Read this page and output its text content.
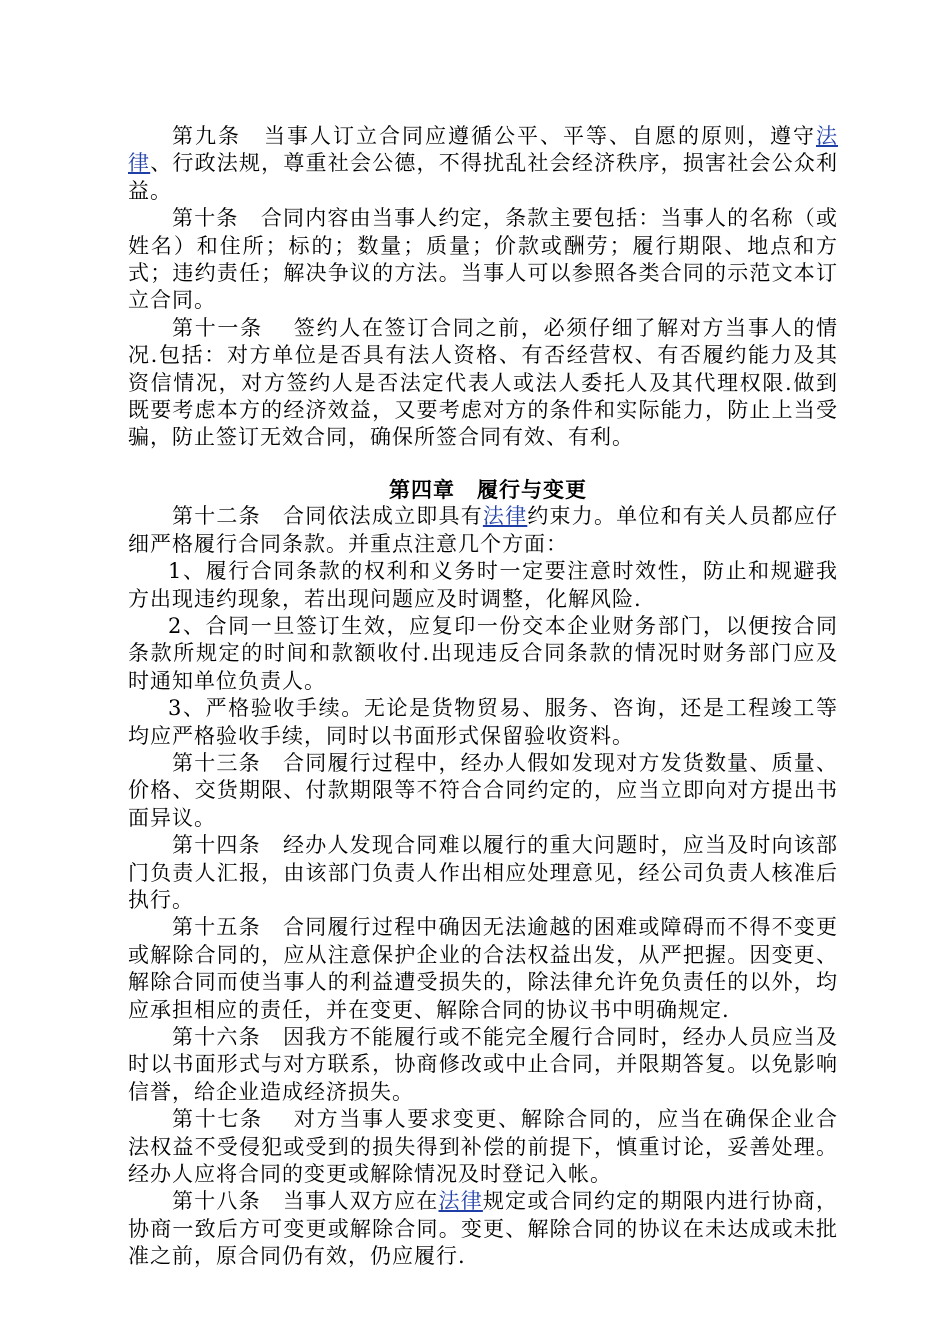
第九条　当事人订立合同应遵循公平、平等、自愿的原则，遵守法律、行政法规，尊重社会公德，不得扰乱社会经济秩序，损害社会公众利益。

第十条　合同内容由当事人约定，条款主要包括：当事人的名称（或姓名）和住所；标的；数量；质量；价款或酬劳；履行期限、地点和方式；违约责任；解决争议的方法。当事人可以参照各类合同的示范文本订立合同。

第十一条　 签约人在签订合同之前，必须仔细了解对方当事人的情况.包括：对方单位是否具有法人资格、有否经营权、有否履约能力及其资信情况，对方签约人是否法定代表人或法人委托人及其代理权限.做到既要考虑本方的经济效益，又要考虑对方的条件和实际能力，防止上当受骗，防止签订无效合同，确保所签合同有效、有利。

第四章　履行与变更

第十二条　合同依法成立即具有法律约束力。单位和有关人员都应仔细严格履行合同条款。并重点注意几个方面：

1、履行合同条款的权利和义务时一定要注意时效性，防止和规避我方出现违约现象，若出现问题应及时调整，化解风险.

2、合同一旦签订生效，应复印一份交本企业财务部门，以便按合同条款所规定的时间和款额收付.出现违反合同条款的情况时财务部门应及时通知单位负责人。

3、严格验收手续。无论是货物贸易、服务、咨询，还是工程竣工等均应严格验收手续，同时以书面形式保留验收资料。

第十三条　合同履行过程中，经办人假如发现对方发货数量、质量、价格、交货期限、付款期限等不符合合同约定的，应当立即向对方提出书面异议。

第十四条　经办人发现合同难以履行的重大问题时，应当及时向该部门负责人汇报，由该部门负责人作出相应处理意见，经公司负责人核准后执行。

第十五条　合同履行过程中确因无法逾越的困难或障碍而不得不变更或解除合同的，应从注意保护企业的合法权益出发，从严把握。因变更、解除合同而使当事人的利益遭受损失的，除法律允许免负责任的以外，均应承担相应的责任，并在变更、解除合同的协议书中明确规定.

第十六条　因我方不能履行或不能完全履行合同时，经办人员应当及时以书面形式与对方联系，协商修改或中止合同，并限期答复。以免影响信誉，给企业造成经济损失。

第十七条　 对方当事人要求变更、解除合同的，应当在确保企业合法权益不受侵犯或受到的损失得到补偿的前提下，慎重讨论，妥善处理。经办人应将合同的变更或解除情况及时登记入帐。

第十八条　当事人双方应在法律规定或合同约定的期限内进行协商，协商一致后方可变更或解除合同。变更、解除合同的协议在未达成或未批准之前，原合同仍有效，仍应履行.
